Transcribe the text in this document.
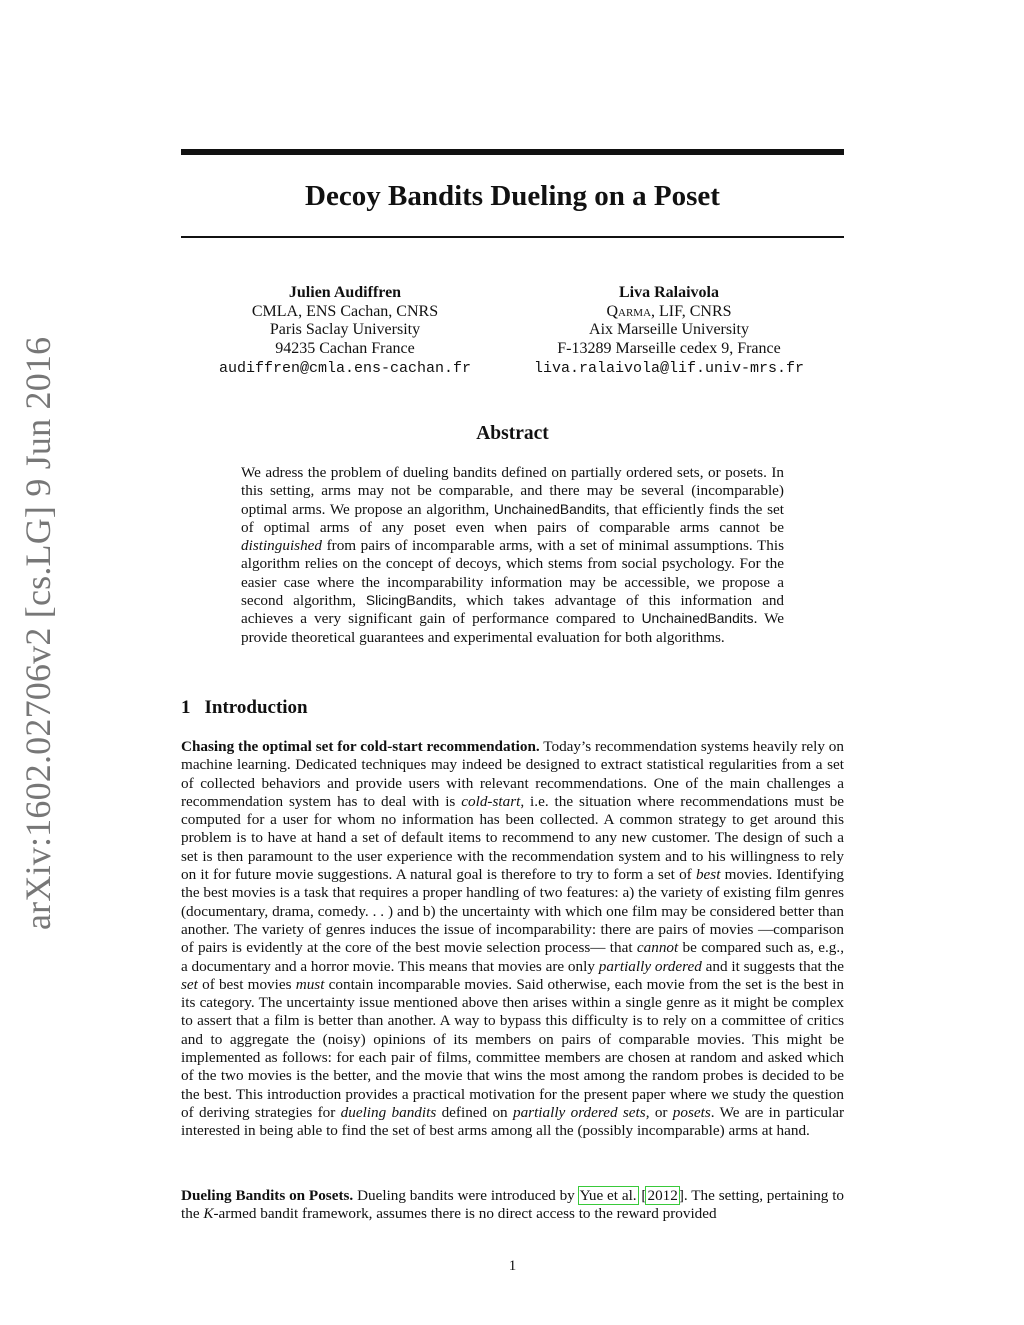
arXiv:1602.02706v2 [cs.LG] 9 Jun 2016
Decoy Bandits Dueling on a Poset
Julien Audiffren
CMLA, ENS Cachan, CNRS
Paris Saclay University
94235 Cachan France
audiffren@cmla.ens-cachan.fr
Liva Ralaivola
Qarma, LIF, CNRS
Aix Marseille University
F-13289 Marseille cedex 9, France
liva.ralaivola@lif.univ-mrs.fr
Abstract
We adress the problem of dueling bandits defined on partially ordered sets, or posets. In this setting, arms may not be comparable, and there may be several (incomparable) optimal arms. We propose an algorithm, UnchainedBandits, that efficiently finds the set of optimal arms of any poset even when pairs of comparable arms cannot be distinguished from pairs of incomparable arms, with a set of minimal assumptions. This algorithm relies on the concept of decoys, which stems from social psychology. For the easier case where the incomparability information may be accessible, we propose a second algorithm, SlicingBandits, which takes advantage of this information and achieves a very significant gain of performance compared to UnchainedBandits. We provide theoretical guarantees and experimental evaluation for both algorithms.
1 Introduction
Chasing the optimal set for cold-start recommendation. Today’s recommendation systems heavily rely on machine learning. Dedicated techniques may indeed be designed to extract statistical regularities from a set of collected behaviors and provide users with relevant recommendations. One of the main challenges a recommendation system has to deal with is cold-start, i.e. the situation where recommendations must be computed for a user for whom no information has been collected. A common strategy to get around this problem is to have at hand a set of default items to recommend to any new customer. The design of such a set is then paramount to the user experience with the recommendation system and to his willingness to rely on it for future movie suggestions. A natural goal is therefore to try to form a set of best movies. Identifying the best movies is a task that requires a proper handling of two features: a) the variety of existing film genres (documentary, drama, comedy. . . ) and b) the uncertainty with which one film may be considered better than another. The variety of genres induces the issue of incomparability: there are pairs of movies —comparison of pairs is evidently at the core of the best movie selection process— that cannot be compared such as, e.g., a documentary and a horror movie. This means that movies are only partially ordered and it suggests that the set of best movies must contain incomparable movies. Said otherwise, each movie from the set is the best in its category. The uncertainty issue mentioned above then arises within a single genre as it might be complex to assert that a film is better than another. A way to bypass this difficulty is to rely on a committee of critics and to aggregate the (noisy) opinions of its members on pairs of comparable movies. This might be implemented as follows: for each pair of films, committee members are chosen at random and asked which of the two movies is the better, and the movie that wins the most among the random probes is decided to be the best. This introduction provides a practical motivation for the present paper where we study the question of deriving strategies for dueling bandits defined on partially ordered sets, or posets. We are in particular interested in being able to find the set of best arms among all the (possibly incomparable) arms at hand.
Dueling Bandits on Posets. Dueling bandits were introduced by Yue et al. [2012]. The setting, pertaining to the K-armed bandit framework, assumes there is no direct access to the reward provided
1
